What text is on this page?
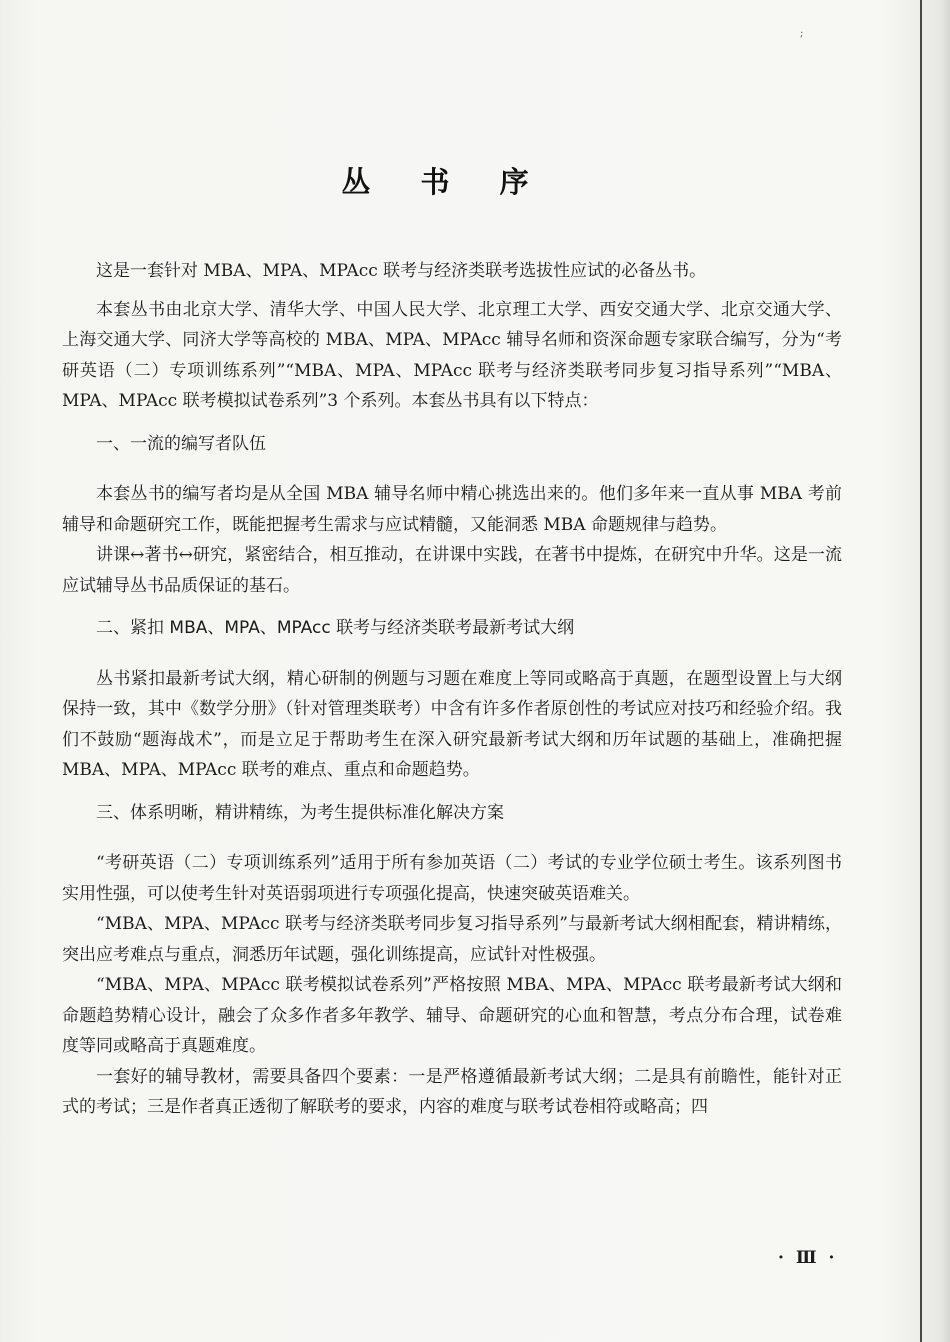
;
丛 书 序

这是一套针对 MBA、MPA、MPAcc 联考与经济类联考选拔性应试的必备丛书。

本套丛书由北京大学、清华大学、中国人民大学、北京理工大学、西安交通大学、北京交通大学、上海交通大学、同济大学等高校的 MBA、MPA、MPAcc 辅导名师和资深命题专家联合编写，分为“考研英语（二）专项训练系列”“MBA、MPA、MPAcc 联考与经济类联考同步复习指导系列”“MBA、MPA、MPAcc 联考模拟试卷系列”3 个系列。本套丛书具有以下特点：

一、一流的编写者队伍

本套丛书的编写者均是从全国 MBA 辅导名师中精心挑选出来的。他们多年来一直从事 MBA 考前辅导和命题研究工作，既能把握考生需求与应试精髓，又能洞悉 MBA 命题规律与趋势。

讲课↔著书↔研究，紧密结合，相互推动，在讲课中实践，在著书中提炼，在研究中升华。这是一流应试辅导丛书品质保证的基石。

二、紧扣 MBA、MPA、MPAcc 联考与经济类联考最新考试大纲

丛书紧扣最新考试大纲，精心研制的例题与习题在难度上等同或略高于真题，在题型设置上与大纲保持一致，其中《数学分册》（针对管理类联考）中含有许多作者原创性的考试应对技巧和经验介绍。我们不鼓励“题海战术”，而是立足于帮助考生在深入研究最新考试大纲和历年试题的基础上，准确把握 MBA、MPA、MPAcc 联考的难点、重点和命题趋势。

三、体系明晰，精讲精练，为考生提供标准化解决方案

“考研英语（二）专项训练系列”适用于所有参加英语（二）考试的专业学位硕士考生。该系列图书实用性强，可以使考生针对英语弱项进行专项强化提高，快速突破英语难关。

“MBA、MPA、MPAcc 联考与经济类联考同步复习指导系列”与最新考试大纲相配套，精讲精练，突出应考难点与重点，洞悉历年试题，强化训练提高，应试针对性极强。

“MBA、MPA、MPAcc 联考模拟试卷系列”严格按照 MBA、MPA、MPAcc 联考最新考试大纲和命题趋势精心设计，融会了众多作者多年教学、辅导、命题研究的心血和智慧，考点分布合理，试卷难度等同或略高于真题难度。

一套好的辅导教材，需要具备四个要素：一是严格遵循最新考试大纲；二是具有前瞻性，能针对正式的考试；三是作者真正透彻了解联考的要求，内容的难度与联考试卷相符或略高；四

· Ⅲ ·
